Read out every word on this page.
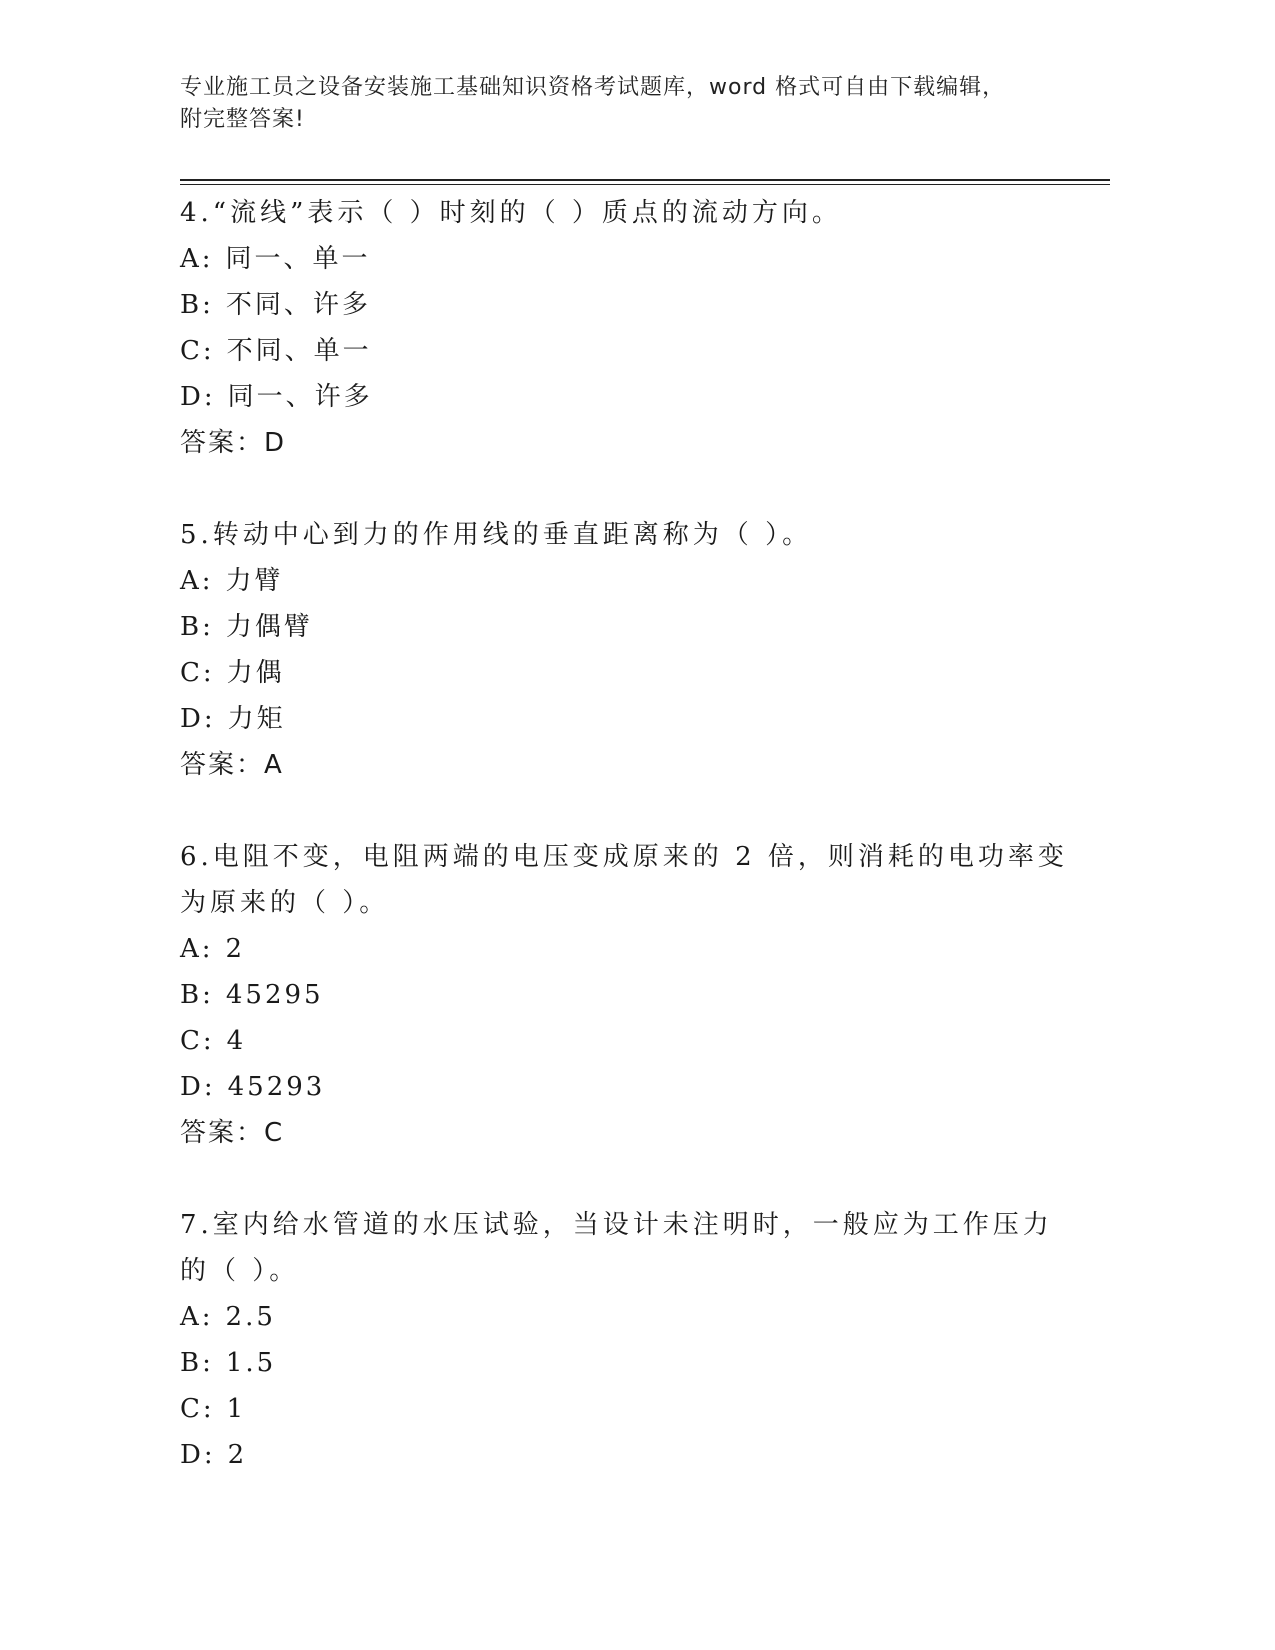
专业施工员之设备安装施工基础知识资格考试题库，word 格式可自由下载编辑，
附完整答案!
4.“流线”表示（ ）时刻的（ ）质点的流动方向。
A: 同一、单一
B: 不同、许多
C: 不同、单一
D: 同一、许多
答案：D
5.转动中心到力的作用线的垂直距离称为（ ）。
A: 力臂
B: 力偶臂
C: 力偶
D: 力矩
答案：A
6.电阻不变，电阻两端的电压变成原来的 2 倍，则消耗的电功率变为原来的（ ）。
A: 2
B: 45295
C: 4
D: 45293
答案：C
7.室内给水管道的水压试验，当设计未注明时，一般应为工作压力的（ ）。
A: 2.5
B: 1.5
C: 1
D: 2
